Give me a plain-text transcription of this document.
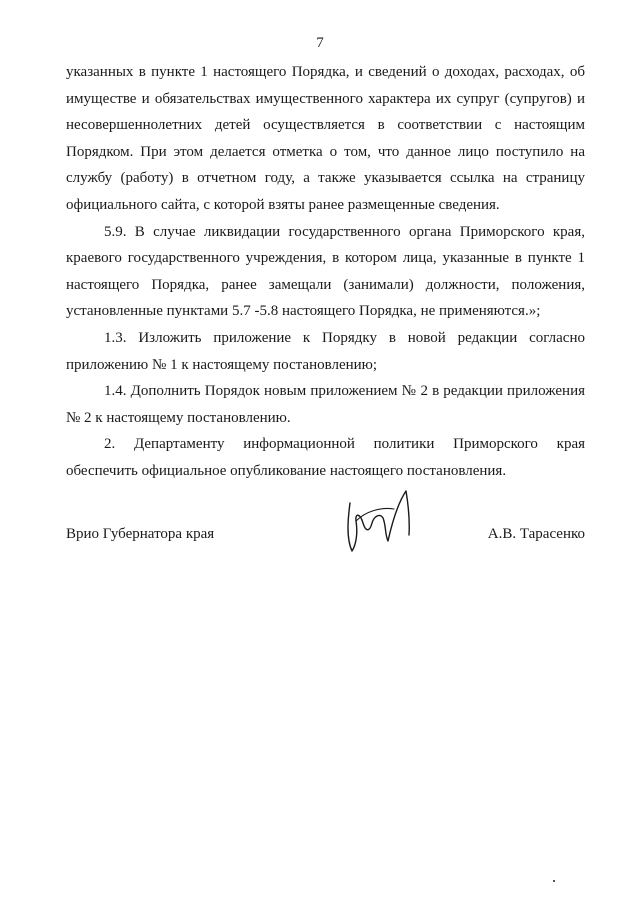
7
указанных в пункте 1 настоящего Порядка, и сведений о доходах, расходах, об
имуществе и обязательствах имущественного характера их супруг (супругов) и
несовершеннолетних детей осуществляется в соответствии с настоящим
Порядком. При этом делается отметка о том, что данное лицо поступило на
службу (работу) в отчетном году, а также указывается ссылка на страницу
официального сайта, с которой взяты ранее размещенные сведения.
5.9. В случае ликвидации государственного органа Приморского края,
краевого государственного учреждения, в котором лица, указанные в пункте 1
настоящего Порядка, ранее замещали (занимали) должности, положения,
установленные пунктами 5.7 -5.8 настоящего Порядка, не применяются.»;
1.3. Изложить приложение к Порядку в новой редакции согласно
приложению № 1 к настоящему постановлению;
1.4. Дополнить Порядок новым приложением № 2 в редакции приложения
№ 2 к настоящему постановлению.
2. Департаменту информационной политики Приморского края
обеспечить официальное опубликование настоящего постановления.
Врио Губернатора края	А.В. Тарасенко
